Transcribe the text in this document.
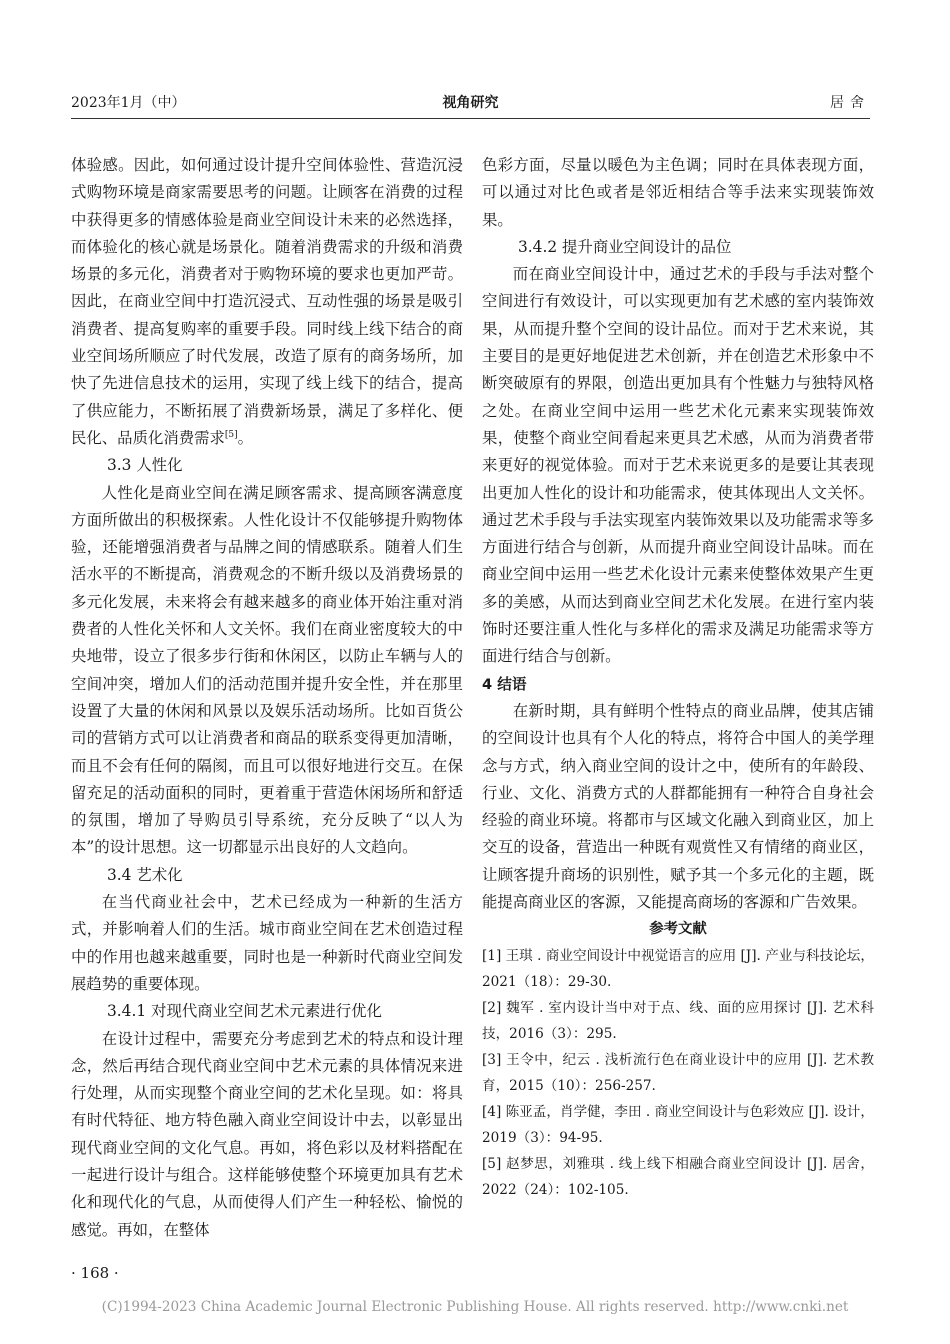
2023年1月（中）	视角研究	居舍

体验感。因此，如何通过设计提升空间体验性、营造沉浸式购物环境是商家需要思考的问题。让顾客在消费的过程中获得更多的情感体验是商业空间设计未来的必然选择，而体验化的核心就是场景化。随着消费需求的升级和消费场景的多元化，消费者对于购物环境的要求也更加严苛。因此，在商业空间中打造沉浸式、互动性强的场景是吸引消费者、提高复购率的重要手段。同时线上线下结合的商业空间场所顺应了时代发展，改造了原有的商务场所，加快了先进信息技术的运用，实现了线上线下的结合，提高了供应能力，不断拓展了消费新场景，满足了多样化、便民化、品质化消费需求[5]。

3.3 人性化

人性化是商业空间在满足顾客需求、提高顾客满意度方面所做出的积极探索。人性化设计不仅能够提升购物体验，还能增强消费者与品牌之间的情感联系。随着人们生活水平的不断提高，消费观念的不断升级以及消费场景的多元化发展，未来将会有越来越多的商业体开始注重对消费者的人性化关怀和人文关怀。我们在商业密度较大的中央地带，设立了很多步行街和休闲区，以防止车辆与人的空间冲突，增加人们的活动范围并提升安全性，并在那里设置了大量的休闲和风景以及娱乐活动场所。比如百货公司的营销方式可以让消费者和商品的联系变得更加清晰，而且不会有任何的隔阂，而且可以很好地进行交互。在保留充足的活动面积的同时，更着重于营造休闲场所和舒适的氛围，增加了导购员引导系统，充分反映了“以人为本”的设计思想。这一切都显示出良好的人文趋向。

3.4 艺术化

在当代商业社会中，艺术已经成为一种新的生活方式，并影响着人们的生活。城市商业空间在艺术创造过程中的作用也越来越重要，同时也是一种新时代商业空间发展趋势的重要体现。

3.4.1 对现代商业空间艺术元素进行优化

在设计过程中，需要充分考虑到艺术的特点和设计理念，然后再结合现代商业空间中艺术元素的具体情况来进行处理，从而实现整个商业空间的艺术化呈现。如：将具有时代特征、地方特色融入商业空间设计中去，以彰显出现代商业空间的文化气息。再如，将色彩以及材料搭配在一起进行设计与组合。这样能够使整个环境更加具有艺术化和现代化的气息，从而使得人们产生一种轻松、愉悦的感觉。再如，在整体

色彩方面，尽量以暖色为主色调；同时在具体表现方面，可以通过对比色或者是邻近相结合等手法来实现装饰效果。

3.4.2 提升商业空间设计的品位

而在商业空间设计中，通过艺术的手段与手法对整个空间进行有效设计，可以实现更加有艺术感的室内装饰效果，从而提升整个空间的设计品位。而对于艺术来说，其主要目的是更好地促进艺术创新，并在创造艺术形象中不断突破原有的界限，创造出更加具有个性魅力与独特风格之处。在商业空间中运用一些艺术化元素来实现装饰效果，使整个商业空间看起来更具艺术感，从而为消费者带来更好的视觉体验。而对于艺术来说更多的是要让其表现出更加人性化的设计和功能需求，使其体现出人文关怀。通过艺术手段与手法实现室内装饰效果以及功能需求等多方面进行结合与创新，从而提升商业空间设计品味。而在商业空间中运用一些艺术化设计元素来使整体效果产生更多的美感，从而达到商业空间艺术化发展。在进行室内装饰时还要注重人性化与多样化的需求及满足功能需求等方面进行结合与创新。

4 结语

在新时期，具有鲜明个性特点的商业品牌，使其店铺的空间设计也具有个人化的特点，将符合中国人的美学理念与方式，纳入商业空间的设计之中，使所有的年龄段、行业、文化、消费方式的人群都能拥有一种符合自身社会经验的商业环境。将都市与区域文化融入到商业区，加上交互的设备，营造出一种既有观赏性又有情绪的商业区，让顾客提升商场的识别性，赋予其一个多元化的主题，既能提高商业区的客源，又能提高商场的客源和广告效果。

参考文献

[1] 王琪 . 商业空间设计中视觉语言的应用 [J]. 产业与科技论坛，2021（18）：29-30.

[2] 魏军 . 室内设计当中对于点、线、面的应用探讨 [J]. 艺术科技，2016（3）：295.

[3] 王令中，纪云 . 浅析流行色在商业设计中的应用 [J]. 艺术教育，2015（10）：256-257.

[4] 陈亚孟，肖学健，李田 . 商业空间设计与色彩效应 [J]. 设计，2019（3）：94-95.

[5] 赵梦思，刘雅琪 . 线上线下相融合商业空间设计 [J]. 居舍，2022（24）：102-105.

· 168 ·
(C)1994-2023 China Academic Journal Electronic Publishing House. All rights reserved. http://www.cnki.net
